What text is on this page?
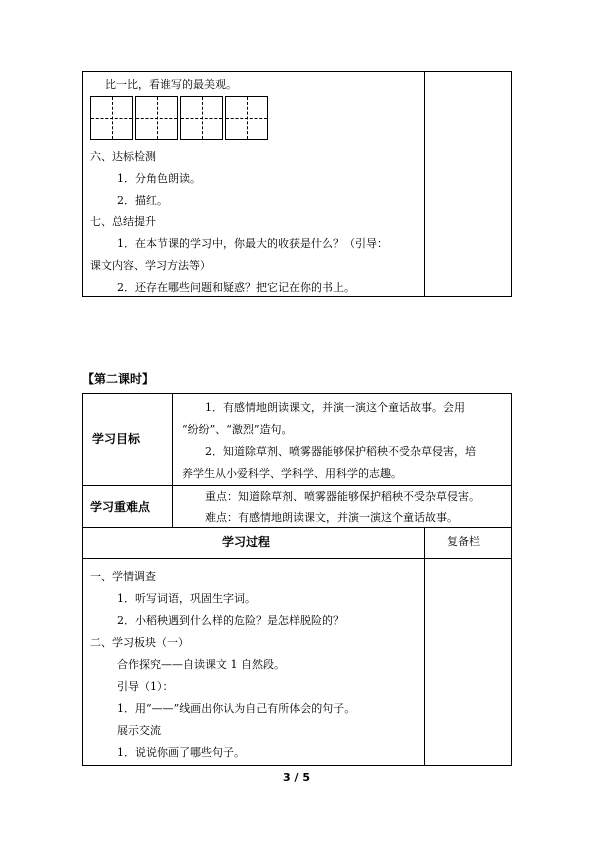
比一比，看谁写的最美观。
六、达标检测
1．分角色朗读。
2．描红。
七、总结提升
1．在本节课的学习中，你最大的收获是什么？（引导：
课文内容、学习方法等）
2．还存在哪些问题和疑惑？把它记在你的书上。
【第二课时】
学习目标
1．有感情地朗读课文，并演一演这个童话故事。会用
“纷纷”、“激烈”造句。
2．知道除草剂、喷雾器能够保护稻秧不受杂草侵害，培
养学生从小爱科学、学科学、用科学的志趣。
学习重难点
重点：知道除草剂、喷雾器能够保护稻秧不受杂草侵害。
难点：有感情地朗读课文，并演一演这个童话故事。
学习过程	复备栏
一、学情调查
1．听写词语，巩固生字词。
2．小稻秧遇到什么样的危险？是怎样脱险的？
二、学习板块（一）
合作探究——自读课文 1 自然段。
引导（1）：
1．用“——”线画出你认为自己有所体会的句子。
展示交流
1．说说你画了哪些句子。
3 / 5
